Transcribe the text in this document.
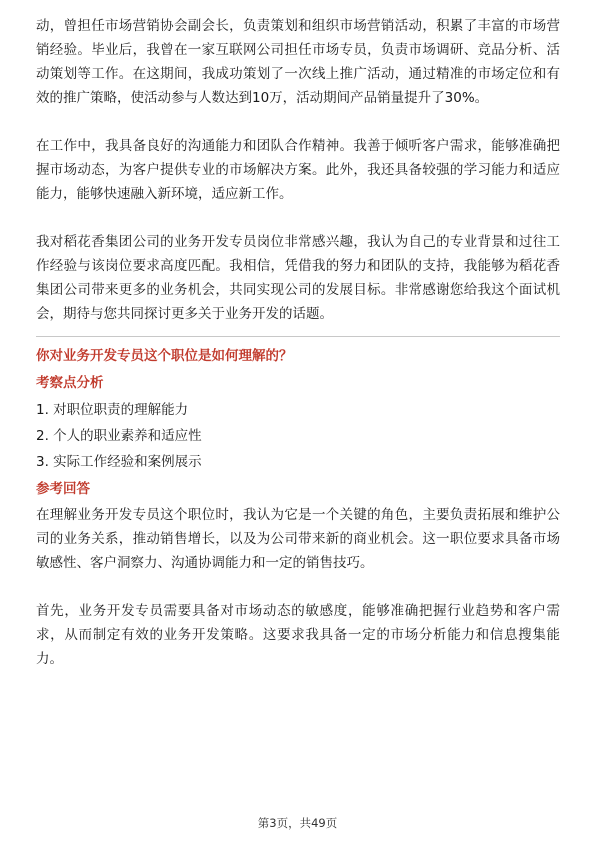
动，曾担任市场营销协会副会长，负责策划和组织市场营销活动，积累了丰富的市场营销经验。毕业后，我曾在一家互联网公司担任市场专员，负责市场调研、竞品分析、活动策划等工作。在这期间，我成功策划了一次线上推广活动，通过精准的市场定位和有效的推广策略，使活动参与人数达到10万，活动期间产品销量提升了30%。

在工作中，我具备良好的沟通能力和团队合作精神。我善于倾听客户需求，能够准确把握市场动态，为客户提供专业的市场解决方案。此外，我还具备较强的学习能力和适应能力，能够快速融入新环境，适应新工作。

我对稻花香集团公司的业务开发专员岗位非常感兴趣，我认为自己的专业背景和过往工作经验与该岗位要求高度匹配。我相信，凭借我的努力和团队的支持，我能够为稻花香集团公司带来更多的业务机会，共同实现公司的发展目标。非常感谢您给我这个面试机会，期待与您共同探讨更多关于业务开发的话题。

你对业务开发专员这个职位是如何理解的？

考察点分析

1. 对职位职责的理解能力
2. 个人的职业素养和适应性
3. 实际工作经验和案例展示

参考回答

在理解业务开发专员这个职位时，我认为它是一个关键的角色，主要负责拓展和维护公司的业务关系，推动销售增长，以及为公司带来新的商业机会。这一职位要求具备市场敏感性、客户洞察力、沟通协调能力和一定的销售技巧。

首先，业务开发专员需要具备对市场动态的敏感度，能够准确把握行业趋势和客户需求，从而制定有效的业务开发策略。这要求我具备一定的市场分析能力和信息搜集能力。

第3页，共49页
